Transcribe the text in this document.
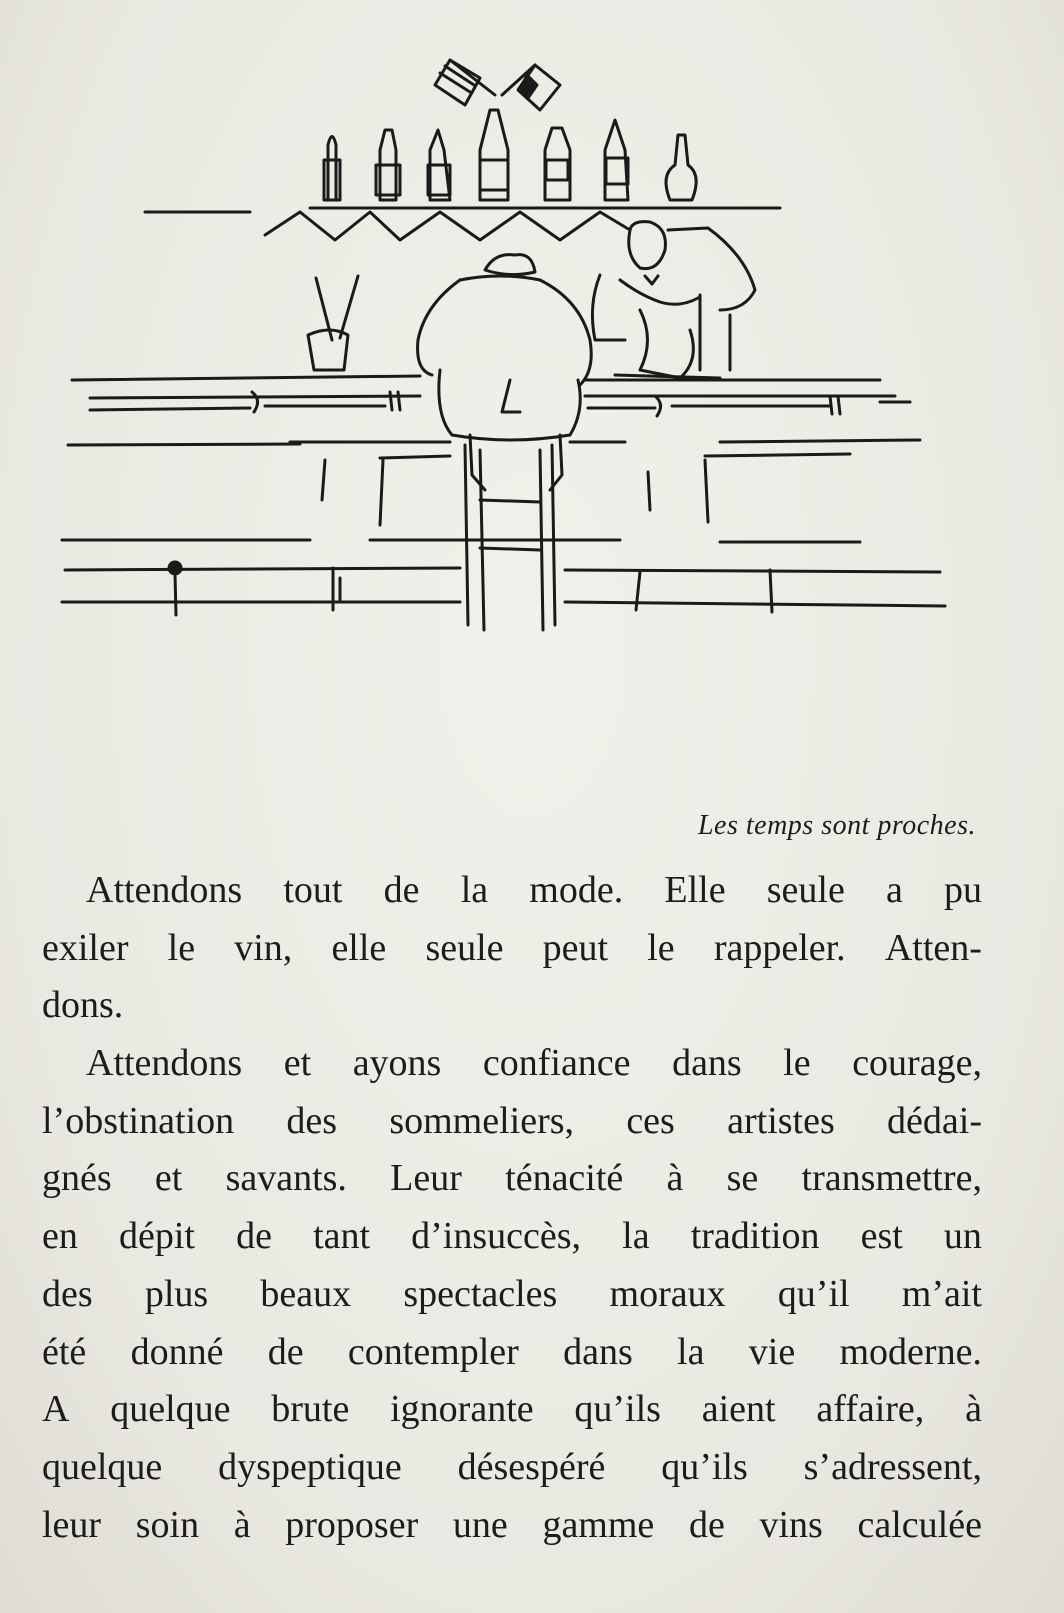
Les temps sont proches.
Attendons tout de la mode. Elle seule a pu
exiler le vin, elle seule peut le rappeler. Atten-
dons.
Attendons et ayons confiance dans le courage,
l’obstination des sommeliers, ces artistes dédai-
gnés et savants. Leur ténacité à se transmettre,
en dépit de tant d’insuccès, la tradition est un
des plus beaux spectacles moraux qu’il m’ait
été donné de contempler dans la vie moderne.
A quelque brute ignorante qu’ils aient affaire, à
quelque dyspeptique désespéré qu’ils s’adressent,
leur soin à proposer une gamme de vins calculée
